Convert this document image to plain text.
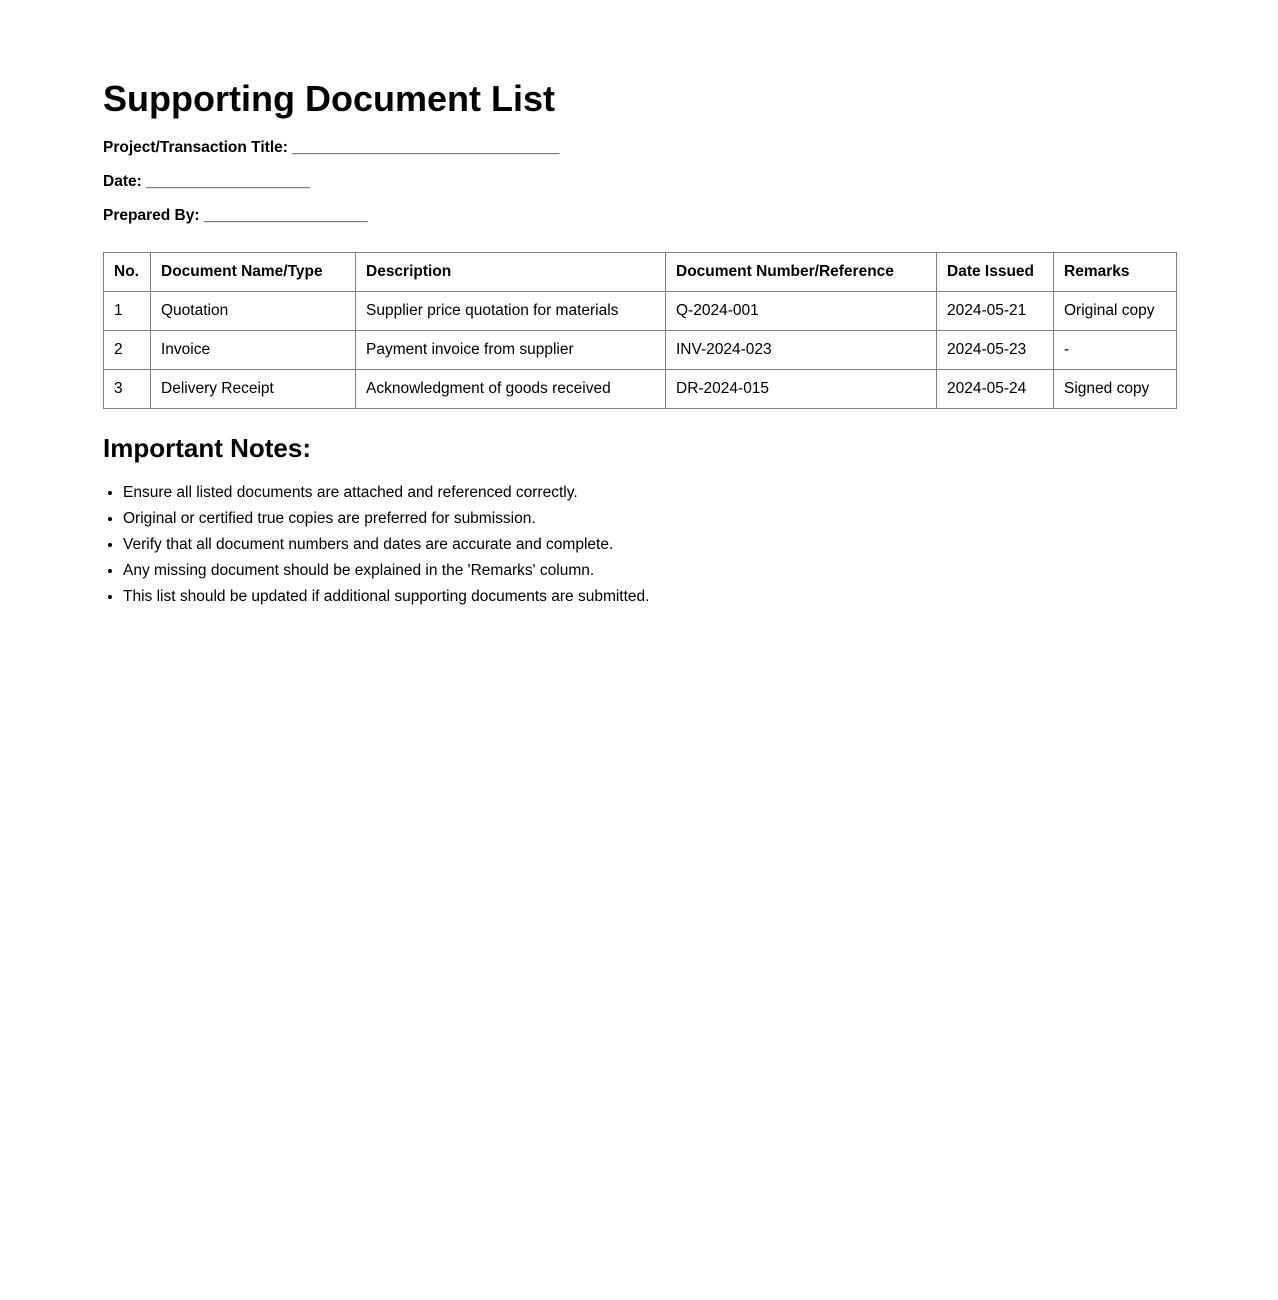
Supporting Document List
Project/Transaction Title: _______________________________
Date: ___________________
Prepared By: ___________________
No.	Document Name/Type	Description	Document Number/Reference	Date Issued	Remarks
1	Quotation	Supplier price quotation for materials	Q-2024-001	2024-05-21	Original copy
2	Invoice	Payment invoice from supplier	INV-2024-023	2024-05-23	-
3	Delivery Receipt	Acknowledgment of goods received	DR-2024-015	2024-05-24	Signed copy
Important Notes:
• Ensure all listed documents are attached and referenced correctly.
• Original or certified true copies are preferred for submission.
• Verify that all document numbers and dates are accurate and complete.
• Any missing document should be explained in the 'Remarks' column.
• This list should be updated if additional supporting documents are submitted.
